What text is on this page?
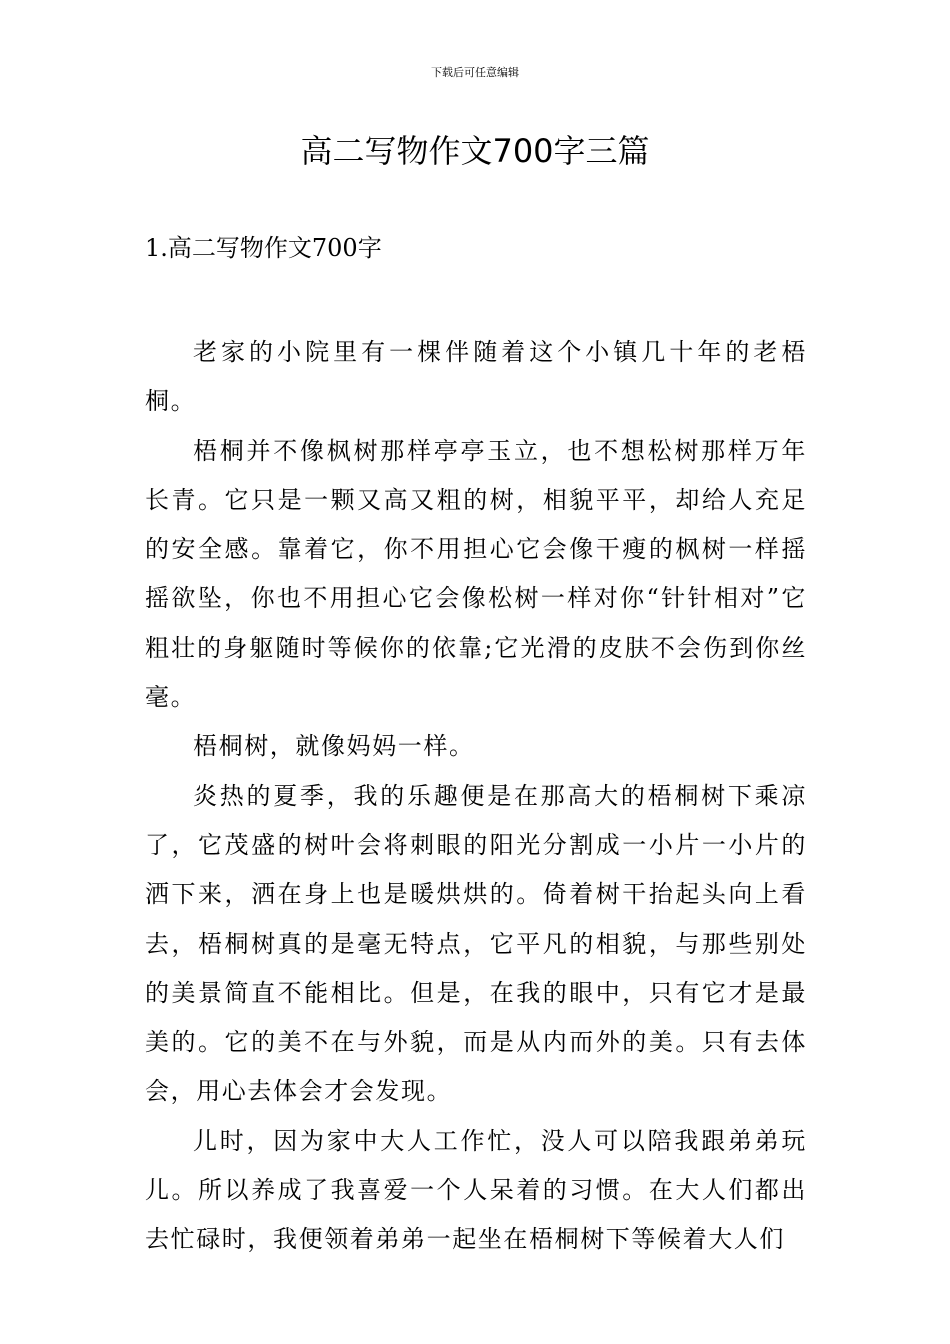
下载后可任意编辑
高二写物作文700字三篇
1.高二写物作文700字

老家的小院里有一棵伴随着这个小镇几十年的老梧桐。

梧桐并不像枫树那样亭亭玉立，也不想松树那样万年长青。它只是一颗又高又粗的树，相貌平平，却给人充足的安全感。靠着它，你不用担心它会像干瘦的枫树一样摇摇欲坠，你也不用担心它会像松树一样对你“针针相对”它粗壮的身躯随时等候你的依靠;它光滑的皮肤不会伤到你丝毫。

梧桐树，就像妈妈一样。

炎热的夏季，我的乐趣便是在那高大的梧桐树下乘凉了，它茂盛的树叶会将刺眼的阳光分割成一小片一小片的洒下来，洒在身上也是暖烘烘的。倚着树干抬起头向上看去，梧桐树真的是毫无特点，它平凡的相貌，与那些别处的美景简直不能相比。但是，在我的眼中，只有它才是最美的。它的美不在与外貌，而是从内而外的美。只有去体会，用心去体会才会发现。

儿时，因为家中大人工作忙，没人可以陪我跟弟弟玩儿。所以养成了我喜爱一个人呆着的习惯。在大人们都出去忙碌时，我便领着弟弟一起坐在梧桐树下等候着大人们
